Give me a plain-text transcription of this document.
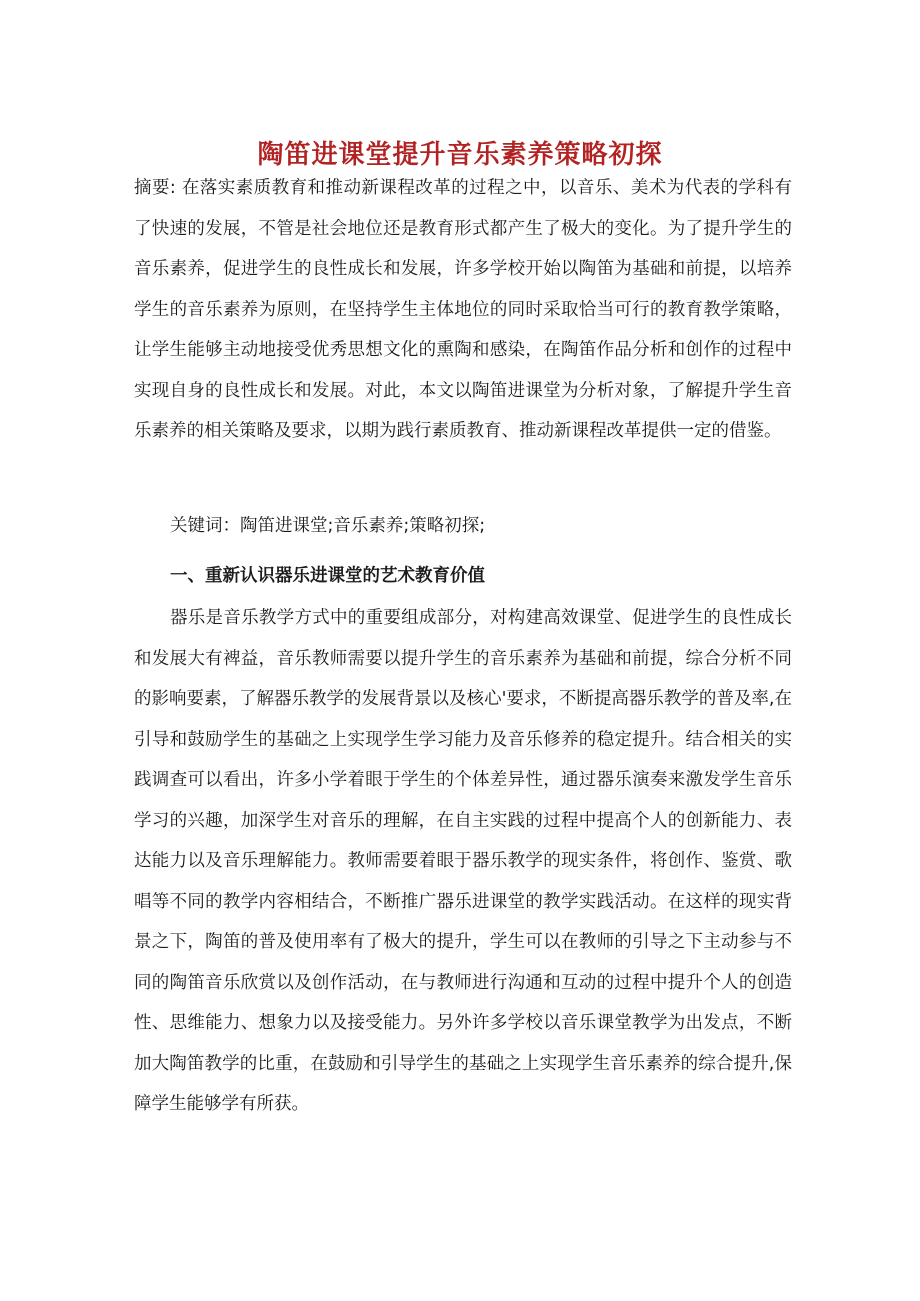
陶笛进课堂提升音乐素养策略初探

摘要: 在落实素质教育和推动新课程改革的过程之中，以音乐、美术为代表的学科有了快速的发展，不管是社会地位还是教育形式都产生了极大的变化。为了提升学生的音乐素养，促进学生的良性成长和发展，许多学校开始以陶笛为基础和前提，以培养学生的音乐素养为原则，在坚持学生主体地位的同时采取恰当可行的教育教学策略，让学生能够主动地接受优秀思想文化的熏陶和感染，在陶笛作品分析和创作的过程中实现自身的良性成长和发展。对此，本文以陶笛进课堂为分析对象，了解提升学生音乐素养的相关策略及要求，以期为践行素质教育、推动新课程改革提供一定的借鉴。

关键词：陶笛进课堂;音乐素养;策略初探;

一、重新认识器乐进课堂的艺术教育价值

器乐是音乐教学方式中的重要组成部分，对构建高效课堂、促进学生的良性成长和发展大有裨益，音乐教师需要以提升学生的音乐素养为基础和前提，综合分析不同的影响要素，了解器乐教学的发展背景以及核心'要求，不断提高器乐教学的普及率,在引导和鼓励学生的基础之上实现学生学习能力及音乐修养的稳定提升。结合相关的实践调查可以看出，许多小学着眼于学生的个体差异性，通过器乐演奏来激发学生音乐学习的兴趣，加深学生对音乐的理解，在自主实践的过程中提高个人的创新能力、表达能力以及音乐理解能力。教师需要着眼于器乐教学的现实条件，将创作、鉴赏、歌唱等不同的教学内容相结合，不断推广器乐进课堂的教学实践活动。在这样的现实背景之下，陶笛的普及使用率有了极大的提升，学生可以在教师的引导之下主动参与不同的陶笛音乐欣赏以及创作活动，在与教师进行沟通和互动的过程中提升个人的创造性、思维能力、想象力以及接受能力。另外许多学校以音乐课堂教学为出发点，不断加大陶笛教学的比重，在鼓励和引导学生的基础之上实现学生音乐素养的综合提升,保障学生能够学有所获。
